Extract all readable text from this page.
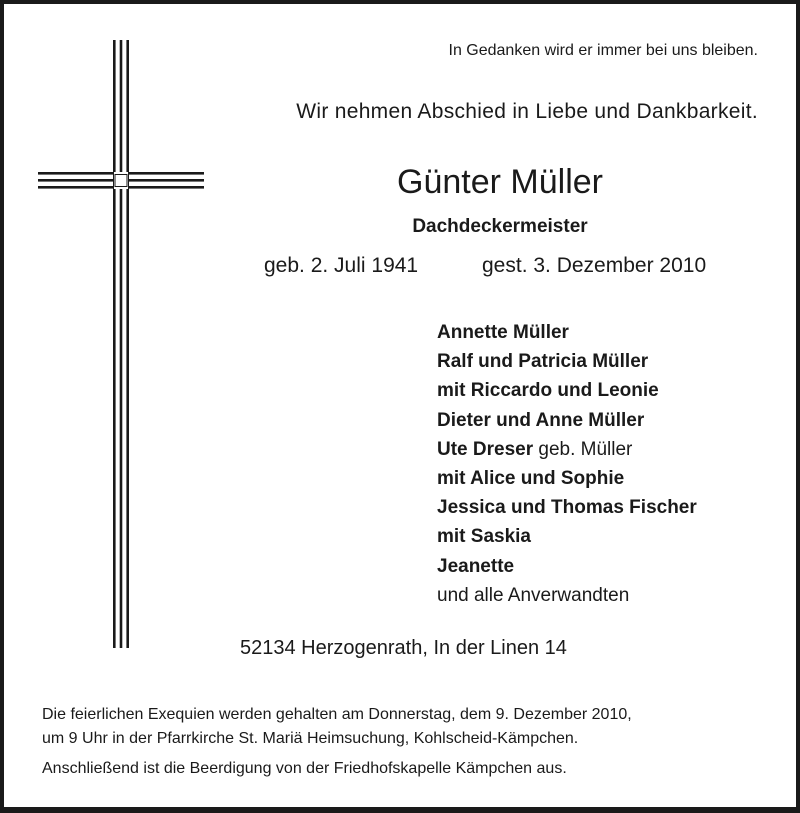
In Gedanken wird er immer bei uns bleiben.
Wir nehmen Abschied in Liebe und Dankbarkeit.
Günter Müller
Dachdeckermeister
geb. 2. Juli 1941	gest. 3. Dezember 2010
Annette Müller
Ralf und Patricia Müller
mit Riccardo und Leonie
Dieter und Anne Müller
Ute Dreser geb. Müller
mit Alice und Sophie
Jessica und Thomas Fischer
mit Saskia
Jeanette
und alle Anverwandten
52134 Herzogenrath, In der Linen 14
Die feierlichen Exequien werden gehalten am Donnerstag, dem 9. Dezember 2010,
um 9 Uhr in der Pfarrkirche St. Mariä Heimsuchung, Kohlscheid-Kämpchen.
Anschließend ist die Beerdigung von der Friedhofskapelle Kämpchen aus.
